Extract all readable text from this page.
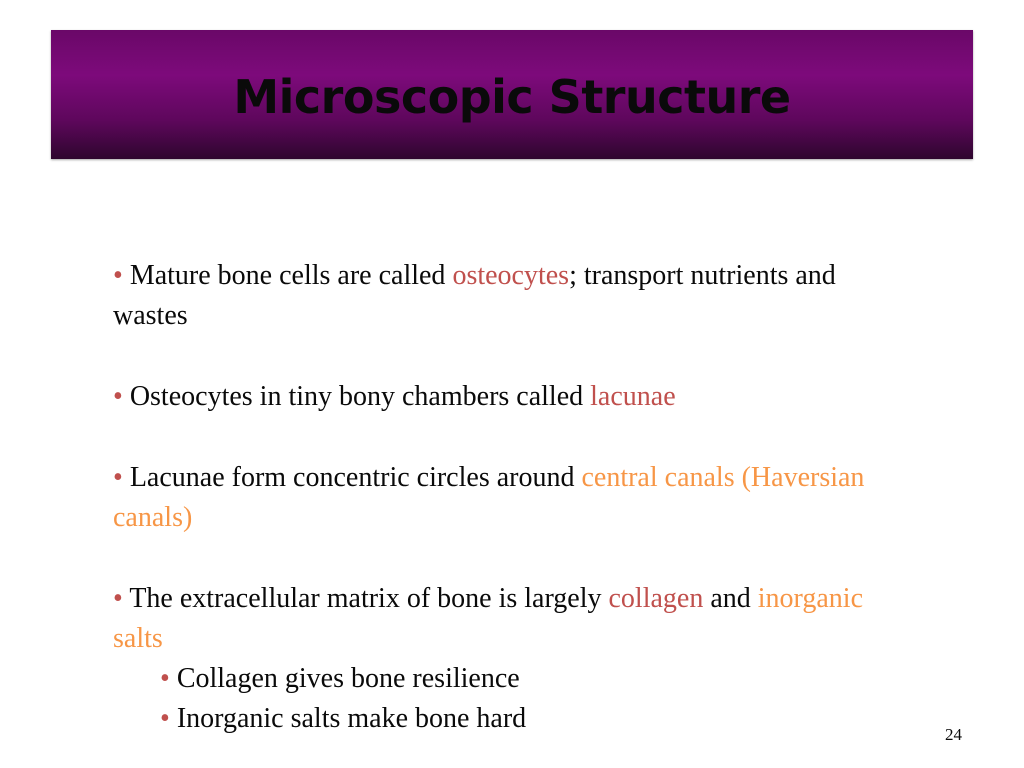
Microscopic Structure

• Mature bone cells are called osteocytes; transport nutrients and wastes

• Osteocytes in tiny bony chambers called lacunae

• Lacunae form concentric circles around central canals (Haversian canals)

• The extracellular matrix of bone is largely collagen and inorganic salts

• Collagen gives bone resilience

• Inorganic salts make bone hard

24
